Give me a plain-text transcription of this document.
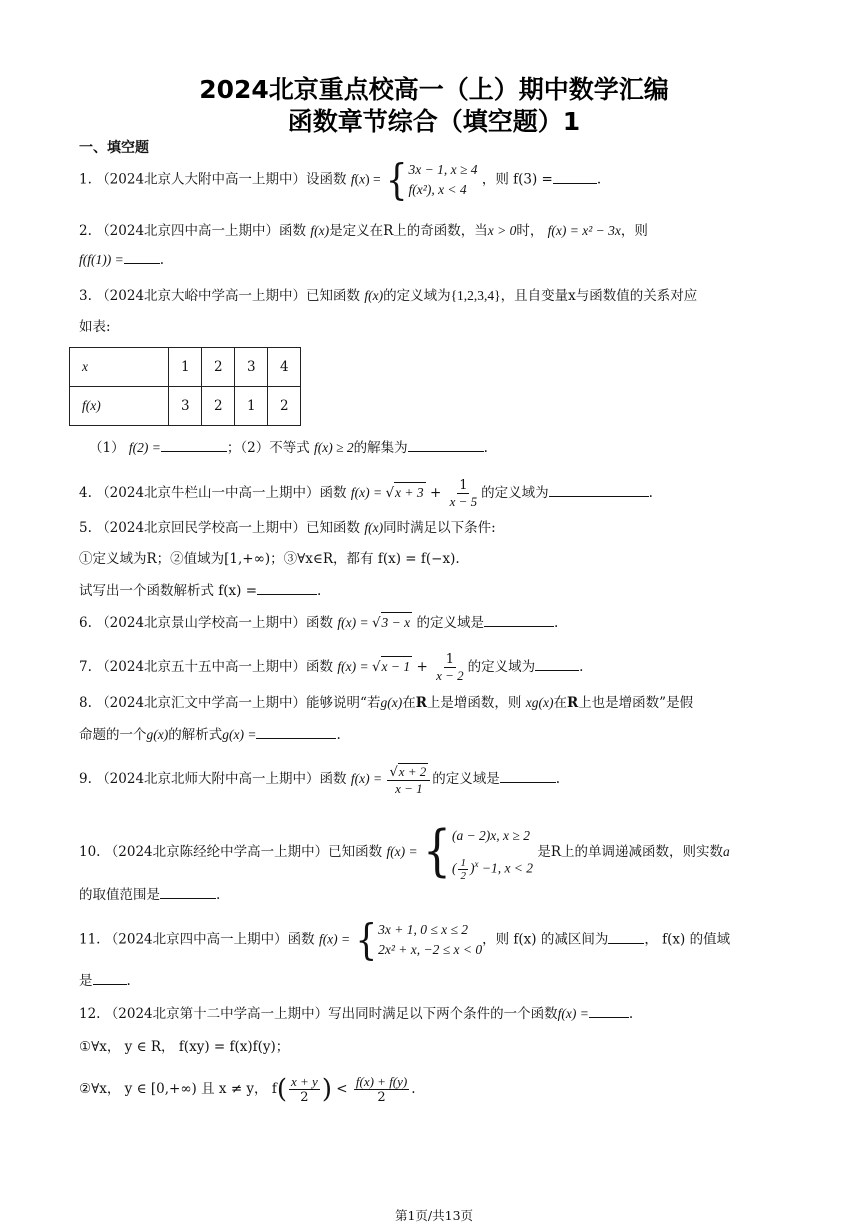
2024北京重点校高一（上）期中数学汇编
函数章节综合（填空题）1
一、填空题
1. （2024北京人大附中高一上期中）设函数 f(x) = { 3x − 1, x ≥ 4
f(x²), x < 4
，则 f(3) =	.
2. （2024北京四中高一上期中）函数 f(x)是定义在R上的奇函数，当x > 0时， f(x) = x² − 3x，则
f(f(1)) =	.
3. （2024北京大峪中学高一上期中）已知函数 f(x)的定义域为{1,2,3,4}，且自变量x与函数值的关系对应
如表:
x	1	2	3	4
f(x)	3	2	1	2
（1） f(2) =	；（2）不等式 f(x) ≥ 2的解集为	.
4. （2024北京牛栏山一中高一上期中）函数 $f(x) = √x + 3 + \frac{1}{x - 5}$ 的定义域为	.
5. （2024北京回民学校高一上期中）已知函数 f(x)同时满足以下条件:
①定义域为R；②值域为[1,+∞)；③∀x∈R，都有 f(x) = f(−x).
试写出一个函数解析式 f(x) =	.
6. （2024北京景山学校高一上期中）函数 f(x) = √3 − x 的定义域是	.
7. （2024北京五十五中高一上期中）函数 $f(x) = √x - 1 + \frac{1}{x - 2}$ 的定义域为	.
8. （2024北京汇文中学高一上期中）能够说明“若g(x)在R上是增函数，则 xg(x)在R上也是增函数”是假
命题的一个g(x)的解析式g(x) =	.
9. （2024北京北师大附中高一上期中）函数 $f(x) = \frac{√x + 2}{x - 1}$ 的定义域是	.
10. （2024北京陈经纶中学高一上期中）已知函数 f(x) = { (a − 2)x, x ≥ 2
( $\frac{1}{2} )^x -1$, x < 2
是R上的单调递减函数，则实数a
的取值范围是	.
11. （2024北京四中高一上期中）函数 f(x) = { 3x + 1, 0 ≤ x ≤ 2
2x² + x, −2 ≤ x < 0
，则 f(x) 的减区间为	， f(x) 的值域
是	.
12. （2024北京第十二中学高一上期中）写出同时满足以下两个条件的一个函数f(x) =	.
①∀x， y ∈ R， f(xy) = f(x)f(y)；
②∀x， y ∈ [0,+∞) 且 x ≠ y， $f( \frac{x + y}{2}$ ) < $\frac{f(x) + f(y)}{2}$ .
第1页/共13页
